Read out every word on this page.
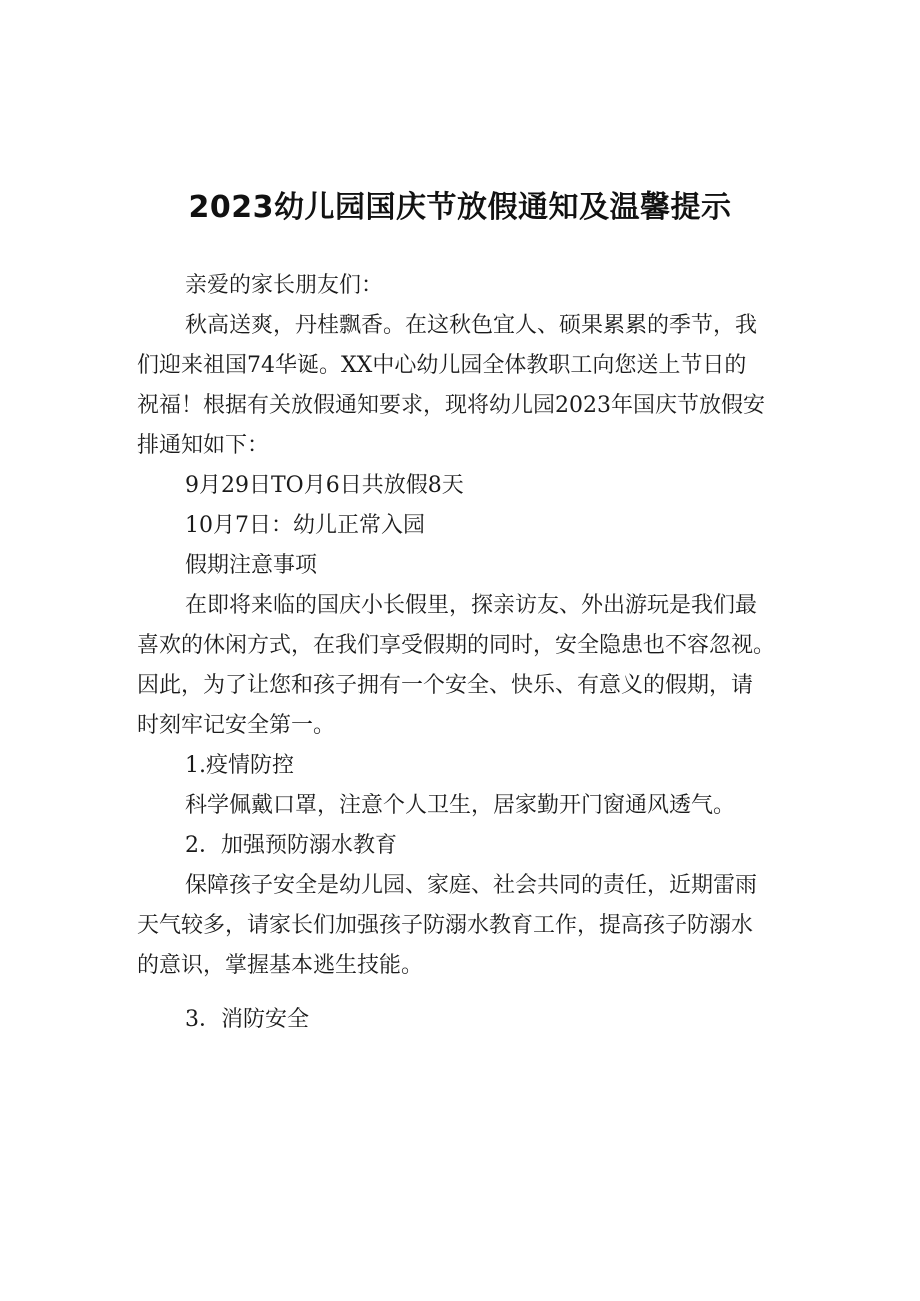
2023幼儿园国庆节放假通知及温馨提示
亲爱的家长朋友们：
秋高送爽，丹桂飘香。在这秋色宜人、硕果累累的季节，我
们迎来祖国74华诞。XX中心幼儿园全体教职工向您送上节日的
祝福！根据有关放假通知要求，现将幼儿园2023年国庆节放假安
排通知如下：
9月29日TO月6日共放假8天
10月7日：幼儿正常入园
假期注意事项
在即将来临的国庆小长假里，探亲访友、外出游玩是我们最
喜欢的休闲方式，在我们享受假期的同时，安全隐患也不容忽视。
因此，为了让您和孩子拥有一个安全、快乐、有意义的假期，请
时刻牢记安全第一。
1.疫情防控
科学佩戴口罩，注意个人卫生，居家勤开门窗通风透气。
2．加强预防溺水教育
保障孩子安全是幼儿园、家庭、社会共同的责任，近期雷雨
天气较多，请家长们加强孩子防溺水教育工作，提高孩子防溺水
的意识，掌握基本逃生技能。
3．消防安全
